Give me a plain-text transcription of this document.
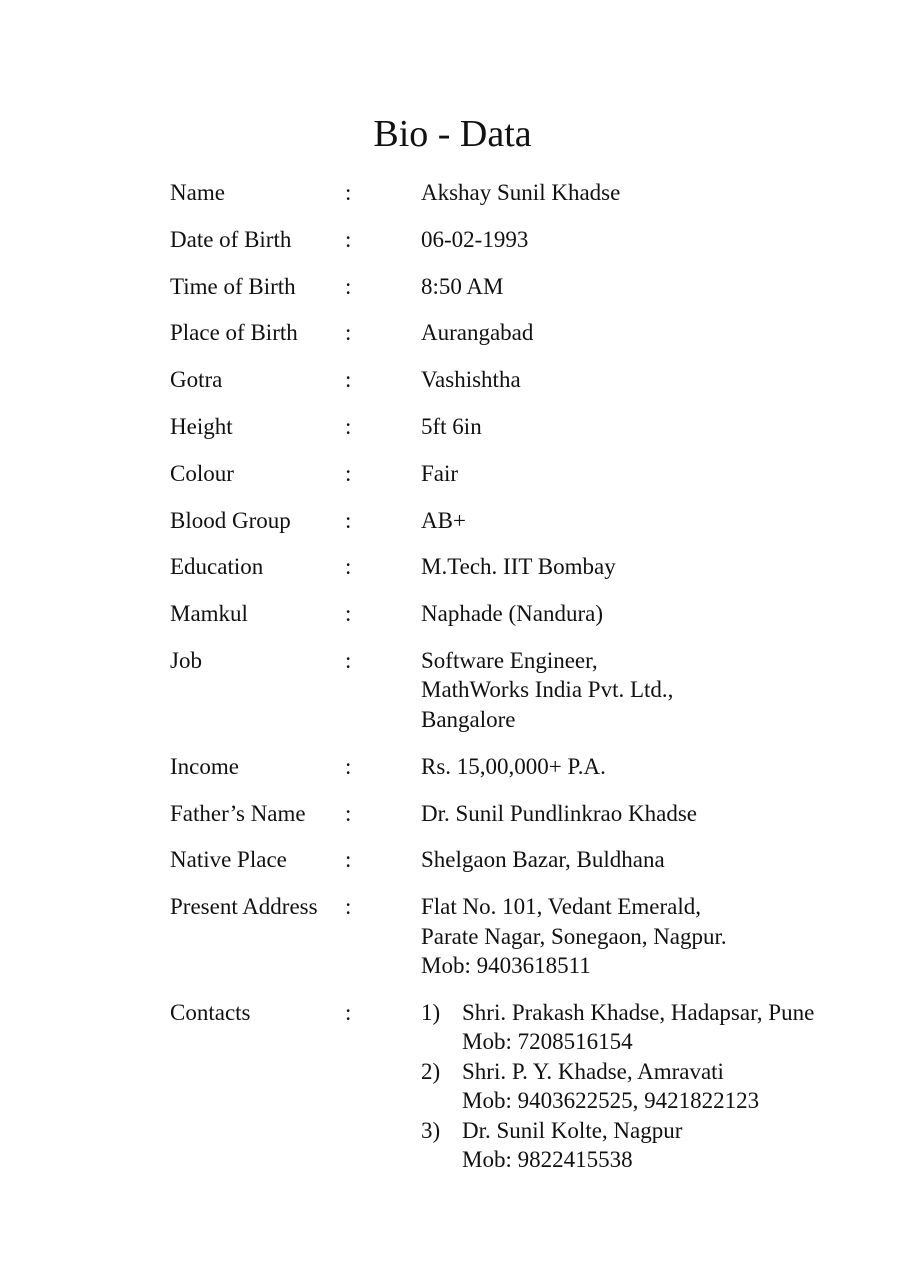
Bio - Data
Name	:	Akshay Sunil Khadse
Date of Birth :	06-02-1993
Time of Birth :	8:50 AM
Place of Birth :	Aurangabad
Gotra	:	Vashishtha
Height	:	5ft 6in
Colour	:	Fair
Blood Group :	AB+
Education	:	M.Tech. IIT Bombay
Mamkul	:	Naphade (Nandura)
Job	:	Software Engineer,
MathWorks India Pvt. Ltd.,
Bangalore
Income	:	Rs. 15,00,000+ P.A.
Father’s Name :	Dr. Sunil Pundlinkrao Khadse
Native Place	:	Shelgaon Bazar, Buldhana
Present Address :	Flat No. 101, Vedant Emerald,
Parate Nagar, Sonegaon, Nagpur.
Mob: 9403618511
Contacts	:	1) Shri. Prakash Khadse, Hadapsar, Pune
Mob: 7208516154
2) Shri. P. Y. Khadse, Amravati
Mob: 9403622525, 9421822123
3) Dr. Sunil Kolte, Nagpur
Mob: 9822415538
